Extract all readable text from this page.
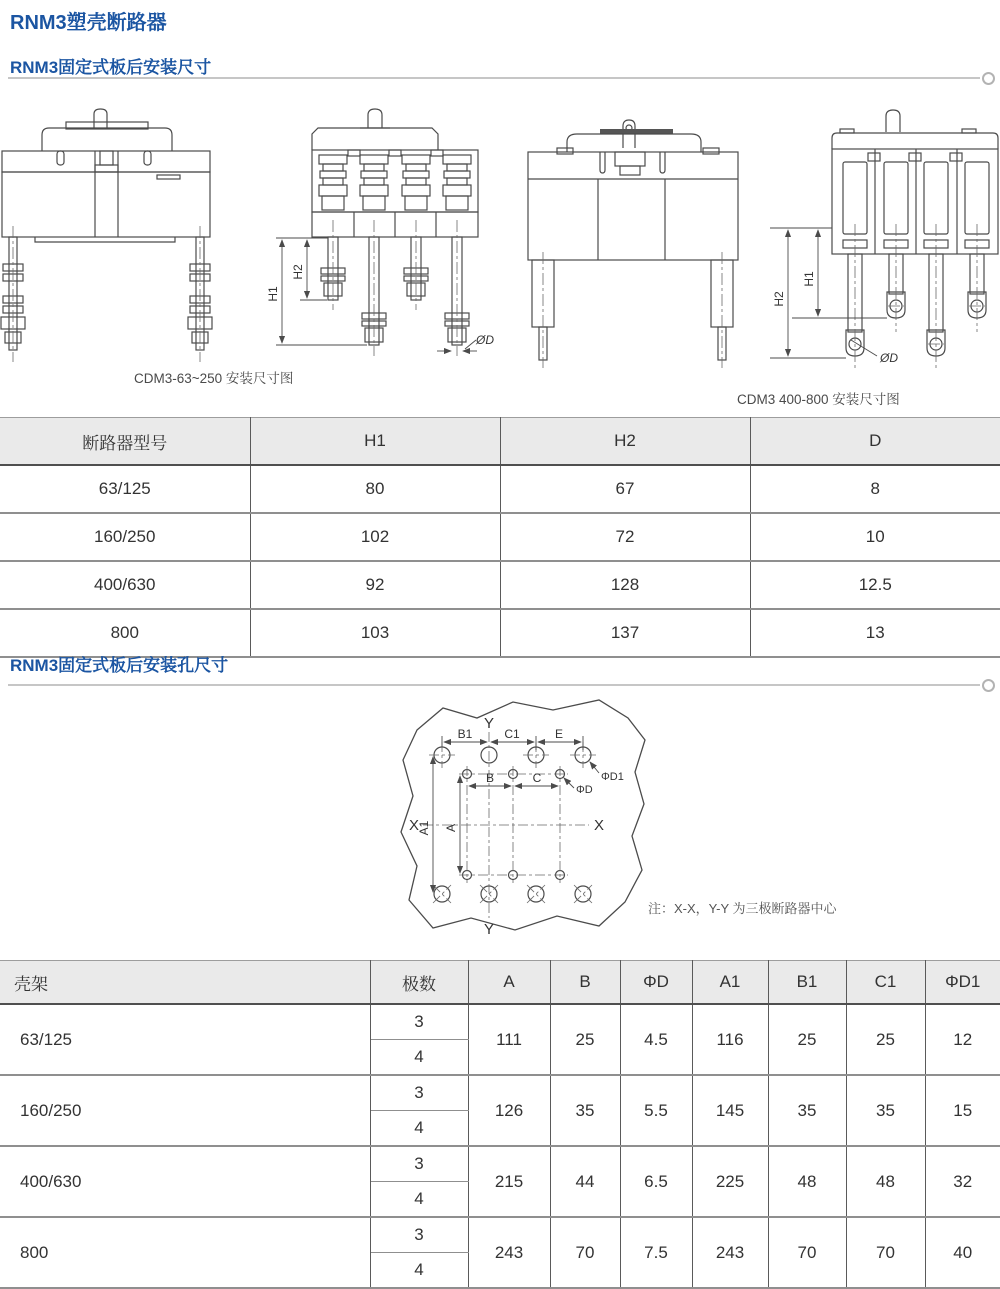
RNM3塑壳断路器
RNM3固定式板后安装尺寸
H1
H2
ØD
H2
H1
ØD
CDM3-63~250 安装尺寸图
CDM3 400-800 安装尺寸图
断路器型号	H1	H2	D
63/125	80	67	8
160/250	102	72	10
400/630	92	128	12.5
800	103	137	13
RNM3固定式板后安装孔尺寸
B1	C1	E
Y
Y
X	X
A1 A
B	C	ΦD1
ΦD
注：X-X，Y-Y 为三极断路器中心
壳架	极数	A	B	ΦD	A1	B1	C1	ΦD1
63/125	3	111	25	4.5	116	25	25	12
	4							
160/250	3	126	35	5.5	145	35	35	15
	4							
400/630	3	215	44	6.5	225	48	48	32
	4							
800	3	243	70	7.5	243	70	70	40
	4							
